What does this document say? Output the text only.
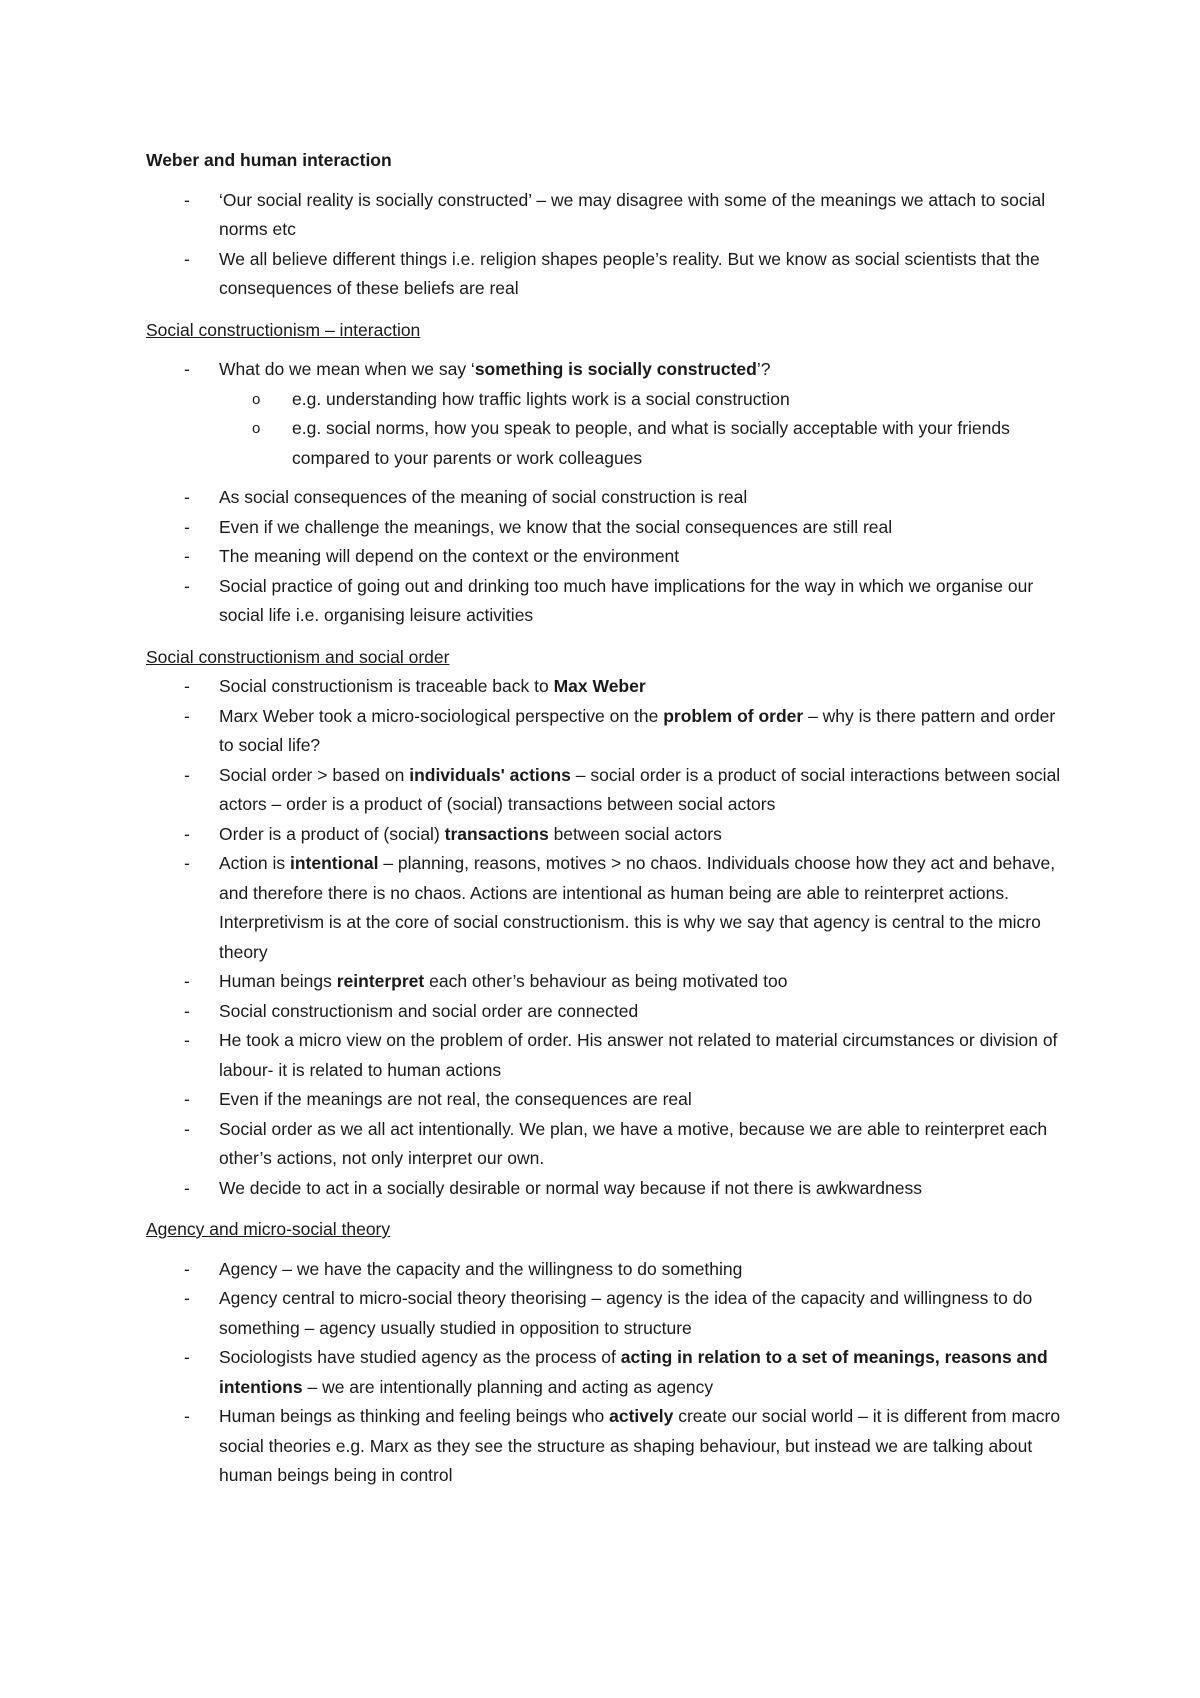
Weber and human interaction
- ‘Our social reality is socially constructed’ – we may disagree with some of the meanings we attach to social norms etc
- We all believe different things i.e. religion shapes people’s reality. But we know as social scientists that the consequences of these beliefs are real
Social constructionism – interaction
- What do we mean when we say ‘something is socially constructed’?
o e.g. understanding how traffic lights work is a social construction
o e.g. social norms, how you speak to people, and what is socially acceptable with your friends compared to your parents or work colleagues
- As social consequences of the meaning of social construction is real
- Even if we challenge the meanings, we know that the social consequences are still real
- The meaning will depend on the context or the environment
- Social practice of going out and drinking too much have implications for the way in which we organise our social life i.e. organising leisure activities
Social constructionism and social order
- Social constructionism is traceable back to Max Weber
- Marx Weber took a micro-sociological perspective on the problem of order – why is there pattern and order to social life?
- Social order > based on individuals' actions – social order is a product of social interactions between social actors – order is a product of (social) transactions between social actors
- Order is a product of (social) transactions between social actors
- Action is intentional – planning, reasons, motives > no chaos. Individuals choose how they act and behave, and therefore there is no chaos. Actions are intentional as human being are able to reinterpret actions. Interpretivism is at the core of social constructionism. this is why we say that agency is central to the micro theory
- Human beings reinterpret each other’s behaviour as being motivated too
- Social constructionism and social order are connected
- He took a micro view on the problem of order. His answer not related to material circumstances or division of labour- it is related to human actions
- Even if the meanings are not real, the consequences are real
- Social order as we all act intentionally. We plan, we have a motive, because we are able to reinterpret each other’s actions, not only interpret our own.
- We decide to act in a socially desirable or normal way because if not there is awkwardness
Agency and micro-social theory
- Agency – we have the capacity and the willingness to do something
- Agency central to micro-social theory theorising – agency is the idea of the capacity and willingness to do something – agency usually studied in opposition to structure
- Sociologists have studied agency as the process of acting in relation to a set of meanings, reasons and intentions – we are intentionally planning and acting as agency
- Human beings as thinking and feeling beings who actively create our social world – it is different from macro social theories e.g. Marx as they see the structure as shaping behaviour, but instead we are talking about human beings being in control
